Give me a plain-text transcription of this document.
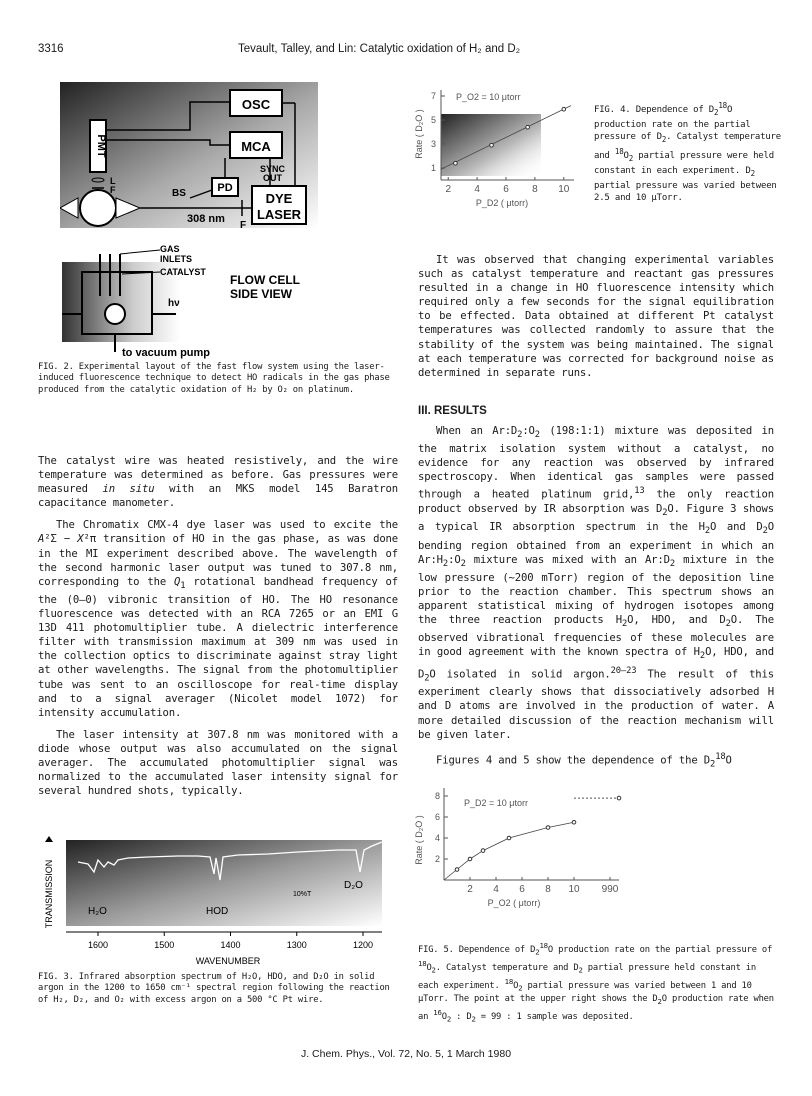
3316	Tevault, Talley, and Lin: Catalytic oxidation of H₂ and D₂
OSC
MCA
PMT
L
F
SYNC
OUT
PD
DYE
LASER
BS
308 nm
F
GAS
INLETS
CATALYST
hν
FLOW CELL
SIDE VIEW
to vacuum pump
FIG. 2. Experimental layout of the fast flow system using the laser-induced fluorescence technique to detect HO radicals in the gas phase produced from the catalytic oxidation of H₂ by O₂ on platinum.

The catalyst wire was heated resistively, and the wire temperature was determined as before. Gas pressures were measured in situ with an MKS model 145 Baratron capacitance manometer.

The Chromatix CMX-4 dye laser was used to excite the A²Σ − X²π transition of HO in the gas phase, as was done in the MI experiment described above. The wavelength of the second harmonic laser output was tuned to 307.8 nm, corresponding to the $Q_1$ rotational bandhead frequency of the (0–0) vibronic transition of HO. The HO resonance fluorescence was detected with an RCA 7265 or an EMI G 13D 411 photomultiplier tube. A dielectric interference filter with transmission maximum at 309 nm was used in the collection optics to discriminate against stray light at other wavelengths. The signal from the photomultiplier tube was sent to an oscilloscope for real-time display and to a signal averager (Nicolet model 1072) for intensity accumulation.

The laser intensity at 307.8 nm was monitored with a diode whose output was also accumulated on the signal averager. The accumulated photomultiplier signal was normalized to the accumulated laser intensity signal for several hundred shots, typically.

TRANSMISSION	H₂O	HOD
D₂O
10%T
1600	1500	1400	1300	1200
WAVENUMBER
FIG. 3. Infrared absorption spectrum of H₂O, HDO, and D₂O in solid argon in the 1200 to 1650 cm⁻¹ spectral region following the reaction of H₂, D₂, and O₂ with excess argon on a 500 °C Pt wire.
2 4 6 8 10
1
3
5
7 P_O2 = 10 μtorr
Rate ( D₂O )
P_D2 ( μtorr)
FIG. 4. Dependence of $D_2^{18}O$ production rate on the partial pressure of $D_2$. Catalyst temperature and $^{18}O_2$ partial pressure were held constant in each experiment. $D_2$ partial pressure was varied between 2.5 and 10 μTorr.

It was observed that changing experimental variables such as catalyst temperature and reactant gas pressures resulted in a change in HO fluorescence intensity which required only a few seconds for the signal equilibration to be effected. Data obtained at different Pt catalyst temperatures was collected randomly to assure that the stability of the system was being maintained. The signal at each temperature was corrected for background noise as determined in separate runs.

III. RESULTS

When an $Ar:D_2:O_2$ (198:1:1) mixture was deposited in the matrix isolation system without a catalyst, no evidence for any reaction was observed by infrared spectroscopy. When identical gas samples were passed through a heated platinum grid,$^{13}$ the only reaction product observed by IR absorption was $D_2O$. Figure 3 shows a typical IR absorption spectrum in the $H_2O$ and $D_2O$ bending region obtained from an experiment in which an $Ar:H_2:O_2$ mixture was mixed with an $Ar:D_2$ mixture in the low pressure (~200 mTorr) region of the deposition line prior to the reaction chamber. This spectrum shows an apparent statistical mixing of hydrogen isotopes among the three reaction products $H_2O$, HDO, and $D_2O$. The observed vibrational frequencies of these molecules are in good agreement with the known spectra of $H_2O$, HDO, and $D_2O$ isolated in solid argon.$^{20-23}$ The result of this experiment clearly shows that dissociatively adsorbed H and D atoms are involved in the production of water. A more detailed discussion of the reaction mechanism will be given later.

Figures 4 and 5 show the dependence of the $D_2^{18}O$

2 4 6 8 10 990
2
4
6
8
P_D2 = 10 μtorr
Rate ( D₂O )
P_O2 ( μtorr)
FIG. 5. Dependence of $D_2^{18}O$ production rate on the partial pressure of $^{18}O_2$. Catalyst temperature and $D_2$ partial pressure held constant in each experiment. $^{18}O_2$ partial pressure was varied between 1 and 10 μTorr. The point at the upper right shows the $D_2O$ production rate when an $^{16}O_2$ : $D_2 = 99$ : 1 sample was deposited.
J. Chem. Phys., Vol. 72, No. 5, 1 March 1980
